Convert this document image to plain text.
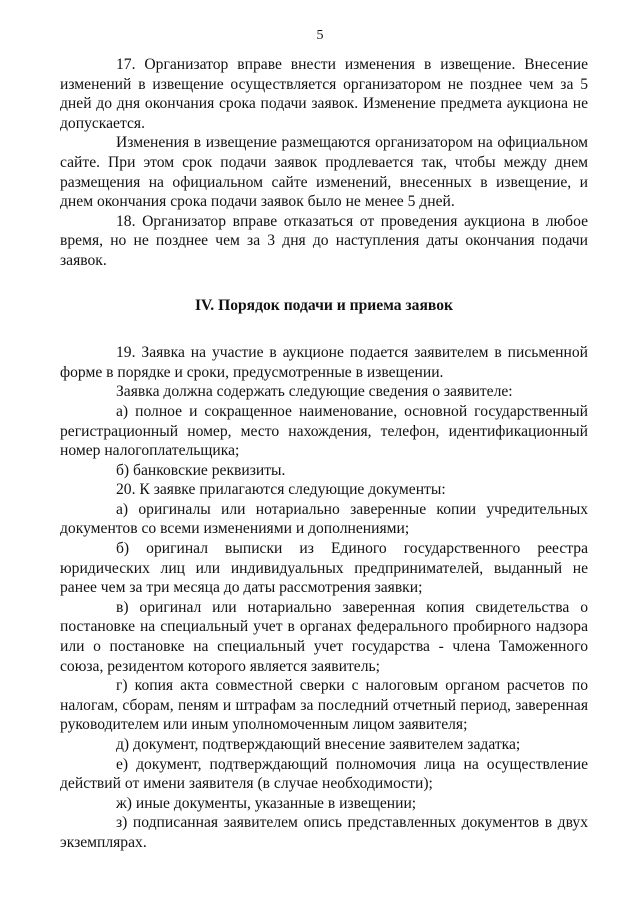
5

17. Организатор вправе внести изменения в извещение. Внесение изменений в извещение осуществляется организатором не позднее чем за 5 дней до дня окончания срока подачи заявок. Изменение предмета аукциона не допускается.

Изменения в извещение размещаются организатором на официальном сайте. При этом срок подачи заявок продлевается так, чтобы между днем размещения на официальном сайте изменений, внесенных в извещение, и днем окончания срока подачи заявок было не менее 5 дней.

18. Организатор вправе отказаться от проведения аукциона в любое время, но не позднее чем за 3 дня до наступления даты окончания подачи заявок.

IV. Порядок подачи и приема заявок

19. Заявка на участие в аукционе подается заявителем в письменной форме в порядке и сроки, предусмотренные в извещении.

Заявка должна содержать следующие сведения о заявителе:

а) полное и сокращенное наименование, основной государственный регистрационный номер, место нахождения, телефон, идентификационный номер налогоплательщика;

б) банковские реквизиты.

20. К заявке прилагаются следующие документы:

а) оригиналы или нотариально заверенные копии учредительных документов со всеми изменениями и дополнениями;

б) оригинал выписки из Единого государственного реестра юридических лиц или индивидуальных предпринимателей, выданный не ранее чем за три месяца до даты рассмотрения заявки;

в) оригинал или нотариально заверенная копия свидетельства о постановке на специальный учет в органах федерального пробирного надзора или о постановке на специальный учет государства - члена Таможенного союза, резидентом которого является заявитель;

г) копия акта совместной сверки с налоговым органом расчетов по налогам, сборам, пеням и штрафам за последний отчетный период, заверенная руководителем или иным уполномоченным лицом заявителя;

д) документ, подтверждающий внесение заявителем задатка;

е) документ, подтверждающий полномочия лица на осуществление действий от имени заявителя (в случае необходимости);

ж) иные документы, указанные в извещении;

з) подписанная заявителем опись представленных документов в двух экземплярах.
